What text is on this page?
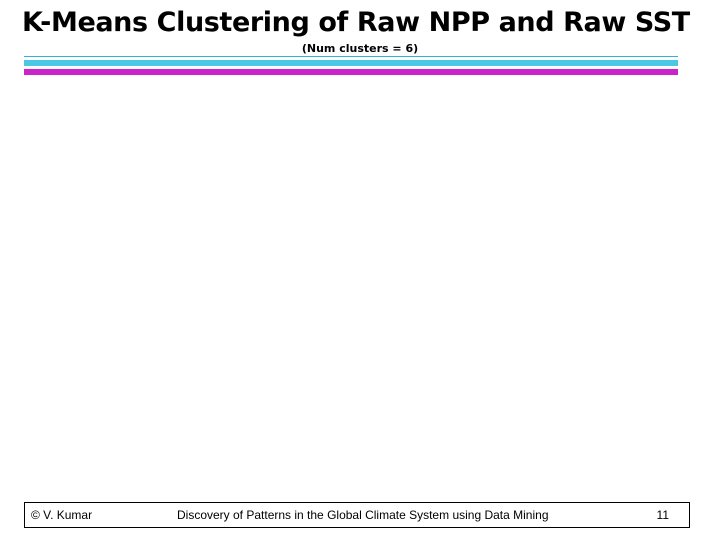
K-Means Clustering of Raw NPP and Raw SST
(Num clusters = 6)
© V. Kumar	Discovery of Patterns in the Global Climate System using Data Mining	11
